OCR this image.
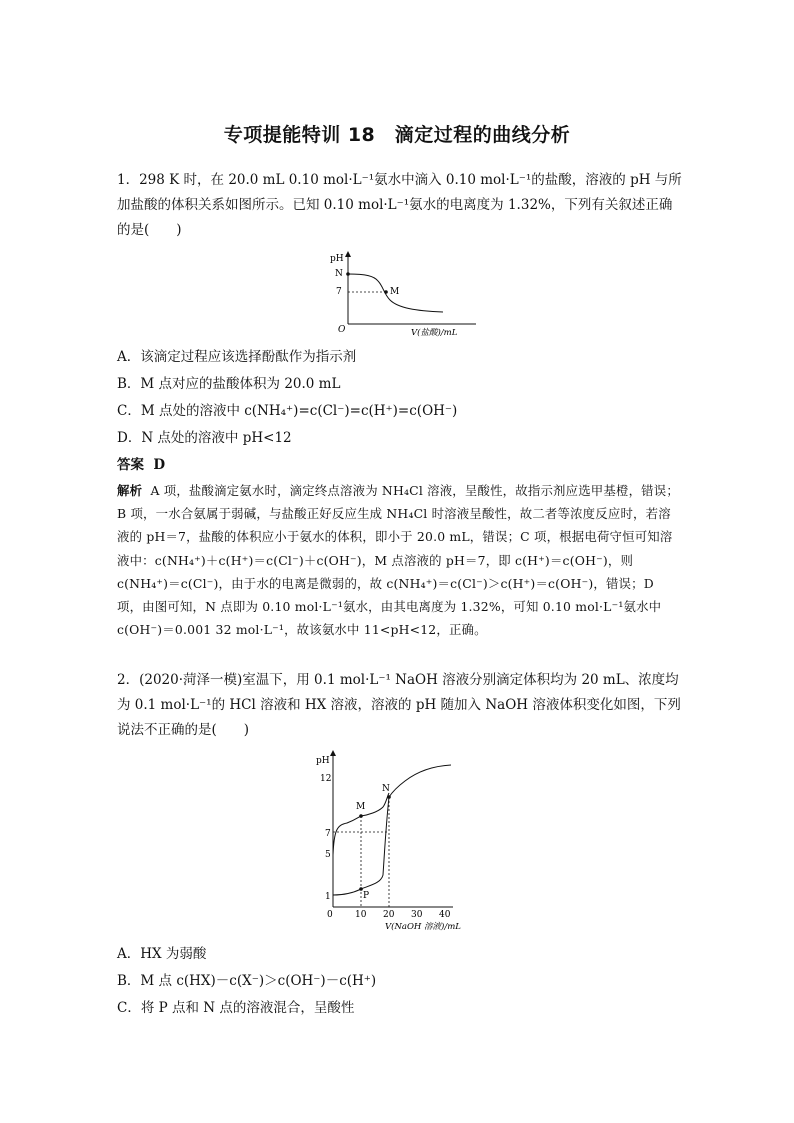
专项提能特训 18　滴定过程的曲线分析
1．298 K 时，在 20.0 mL 0.10 mol·L⁻¹氨水中滴入 0.10 mol·L⁻¹的盐酸，溶液的 pH 与所加盐酸的体积关系如图所示。已知 0.10 mol·L⁻¹氨水的电离度为 1.32%，下列有关叙述正确的是(　　)
pH
7
N
O	V(盐酸)/mL
M
A．该滴定过程应该选择酚酞作为指示剂
B．M 点对应的盐酸体积为 20.0 mL
C．M 点处的溶液中 c(NH₄⁺)=c(Cl⁻)=c(H⁺)=c(OH⁻)
D．N 点处的溶液中 pH<12
答案 D
解析 A 项，盐酸滴定氨水时，滴定终点溶液为 NH₄Cl 溶液，呈酸性，故指示剂应选甲基橙，错误；B 项，一水合氨属于弱碱，与盐酸正好反应生成 NH₄Cl 时溶液呈酸性，故二者等浓度反应时，若溶液的 pH＝7，盐酸的体积应小于氨水的体积，即小于 20.0 mL，错误；C 项，根据电荷守恒可知溶液中：c(NH₄⁺)＋c(H⁺)＝c(Cl⁻)＋c(OH⁻)，M 点溶液的 pH＝7，即 c(H⁺)＝c(OH⁻)，则 c(NH₄⁺)＝c(Cl⁻)，由于水的电离是微弱的，故 c(NH₄⁺)＝c(Cl⁻)＞c(H⁺)＝c(OH⁻)，错误；D 项，由图可知，N 点即为 0.10 mol·L⁻¹氨水，由其电离度为 1.32%，可知 0.10 mol·L⁻¹氨水中 c(OH⁻)＝0.001 32 mol·L⁻¹，故该氨水中 11<pH<12，正确。
2．(2020·菏泽一模)室温下，用 0.1 mol·L⁻¹ NaOH 溶液分别滴定体积均为 20 mL、浓度均为 0.1 mol·L⁻¹的 HCl 溶液和 HX 溶液，溶液的 pH 随加入 NaOH 溶液体积变化如图，下列说法不正确的是(　　)
pH
12
7
5
1
0 10 20 30 40
V(NaOH 溶液)/mL
M
N
P
A．HX 为弱酸
B．M 点 c(HX)－c(X⁻)＞c(OH⁻)－c(H⁺)
C．将 P 点和 N 点的溶液混合，呈酸性
